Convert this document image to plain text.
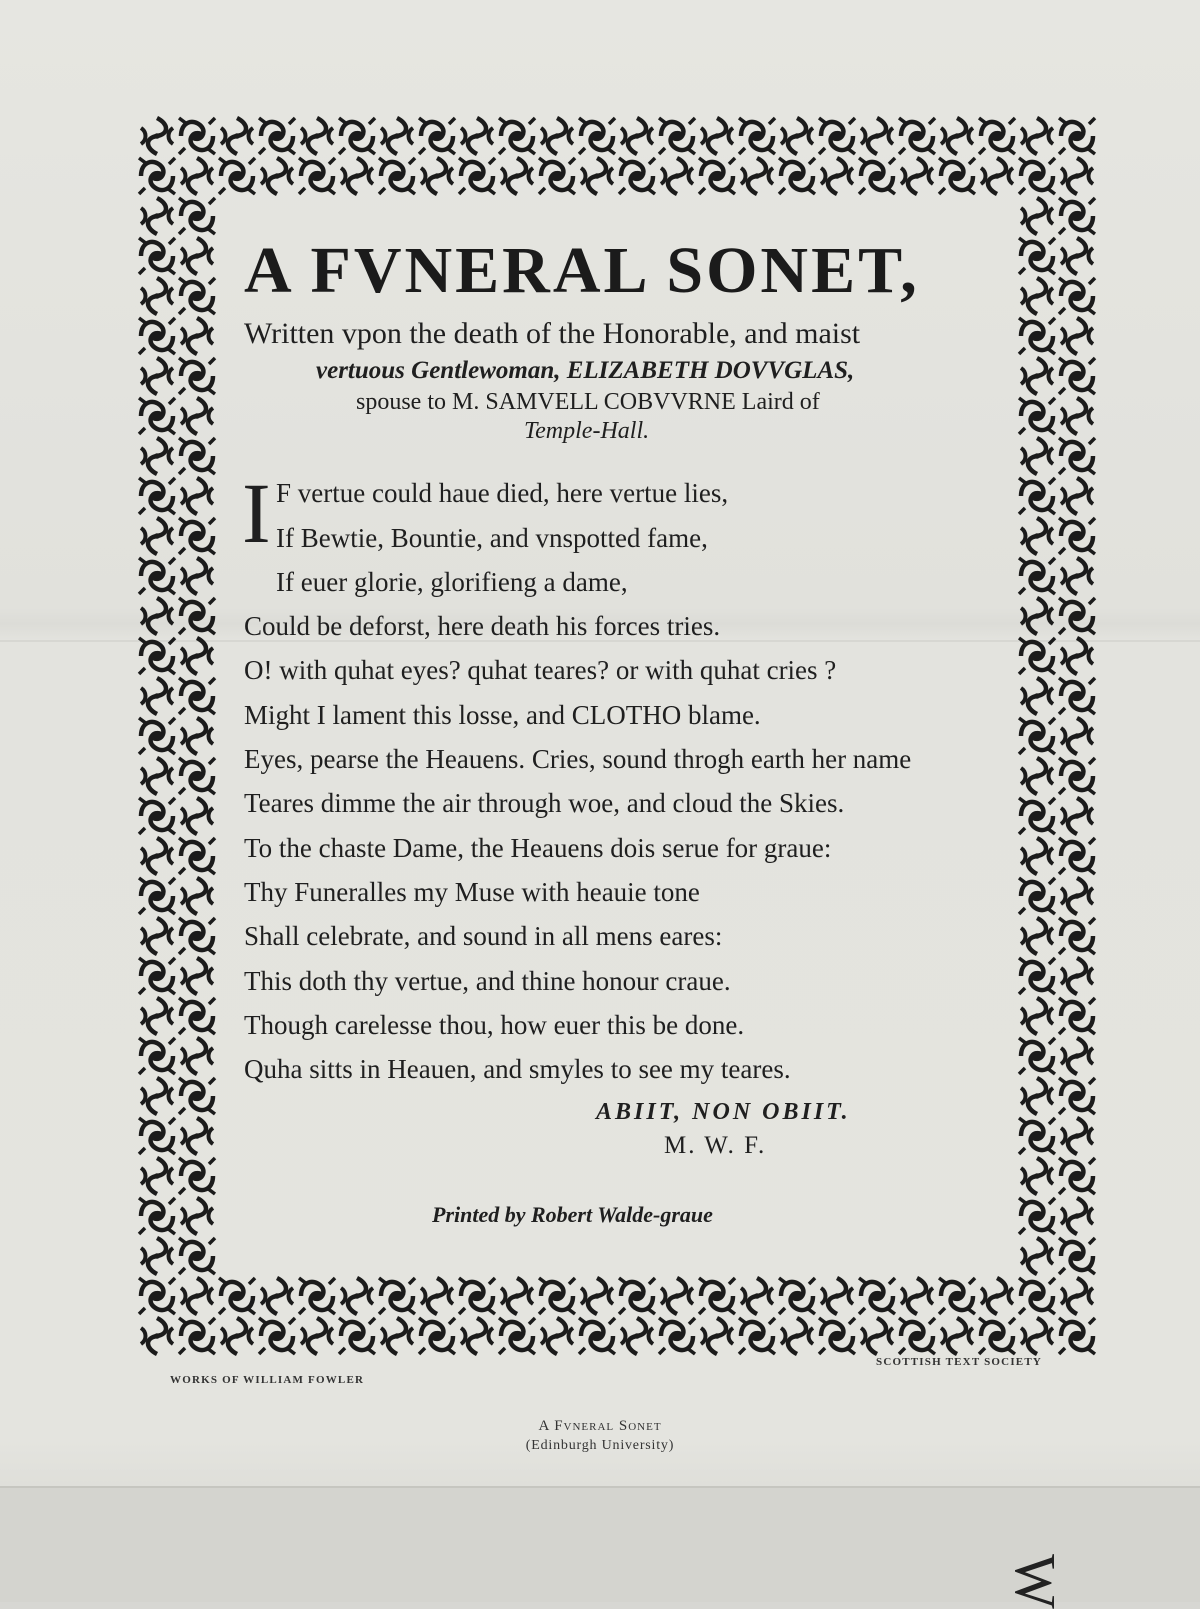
A FVNERAL SONET,

Written vpon the death of the Honorable, and maist

vertuous Gentlewoman, ELIZABETH DOVVGLAS,

spouse to M. SAMVELL COBVVRNE Laird of

Temple-Hall.

I F vertue could haue died, here vertue lies,

If Bewtie, Bountie, and vnspotted fame,

If euer glorie, glorifieng a dame,

Could be deforst, here death his forces tries.

O! with quhat eyes? quhat teares? or with quhat cries ?

Might I lament this losse, and CLOTHO blame.

Eyes, pearse the Heauens. Cries, sound throgh earth her name

Teares dimme the air through woe, and cloud the Skies.

To the chaste Dame, the Heauens dois serue for graue:

Thy Funeralles my Muse with heauie tone

Shall celebrate, and sound in all mens eares:

This doth thy vertue, and thine honour craue.

Though carelesse thou, how euer this be done.

Quha sitts in Heauen, and smyles to see my teares.

ABIIT, NON OBIIT.

M. W. F.

Printed by Robert Walde-graue

WORKS OF WILLIAM FOWLER
SCOTTISH TEXT SOCIETY
A Fvneral Sonet
(Edinburgh University)
W
